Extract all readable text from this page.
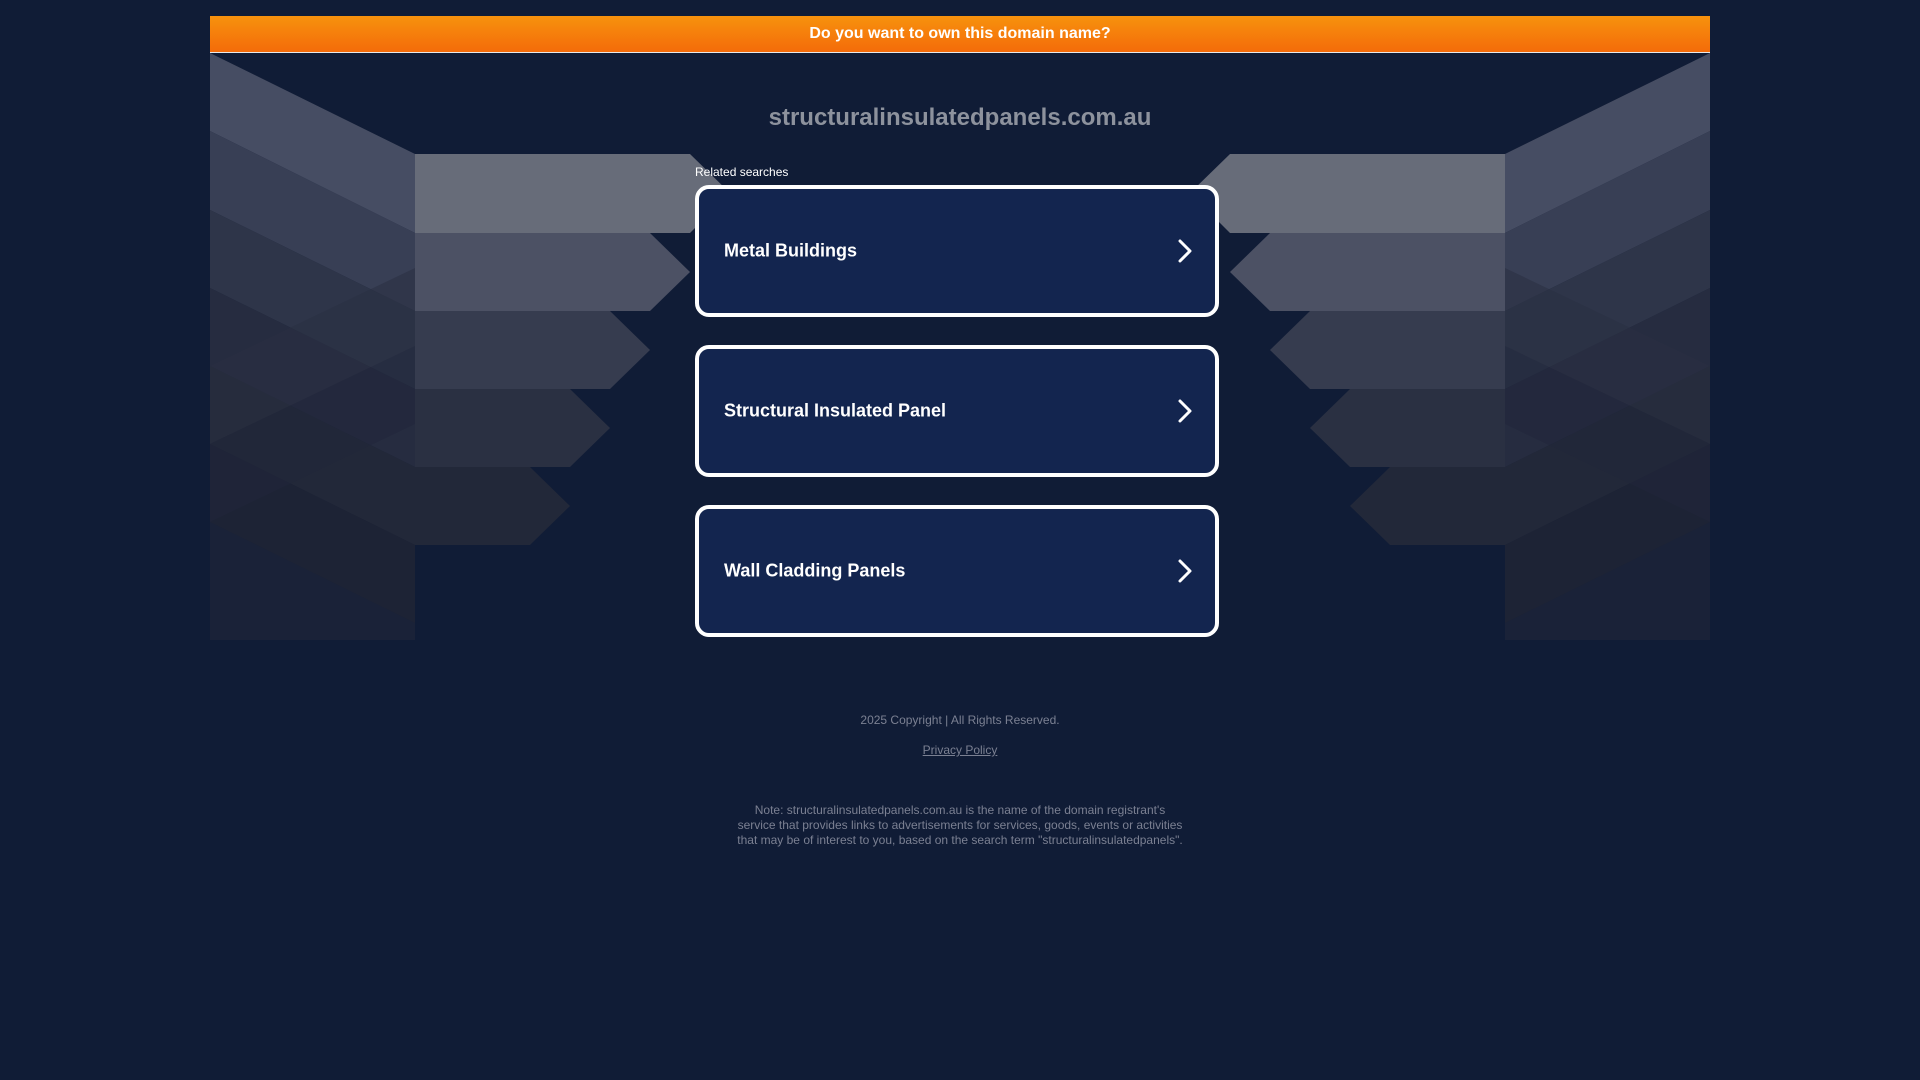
Do you want to own this domain name?
structuralinsulatedpanels.com.au
Related searches
Metal Buildings
Structural Insulated Panel
Wall Cladding Panels
2025 Copyright | All Rights Reserved.
Privacy Policy
Note: structuralinsulatedpanels.com.au is the name of the domain registrant's service that provides links to advertisements for services, goods, events or activities that may be of interest to you, based on the search term "structuralinsulatedpanels".
